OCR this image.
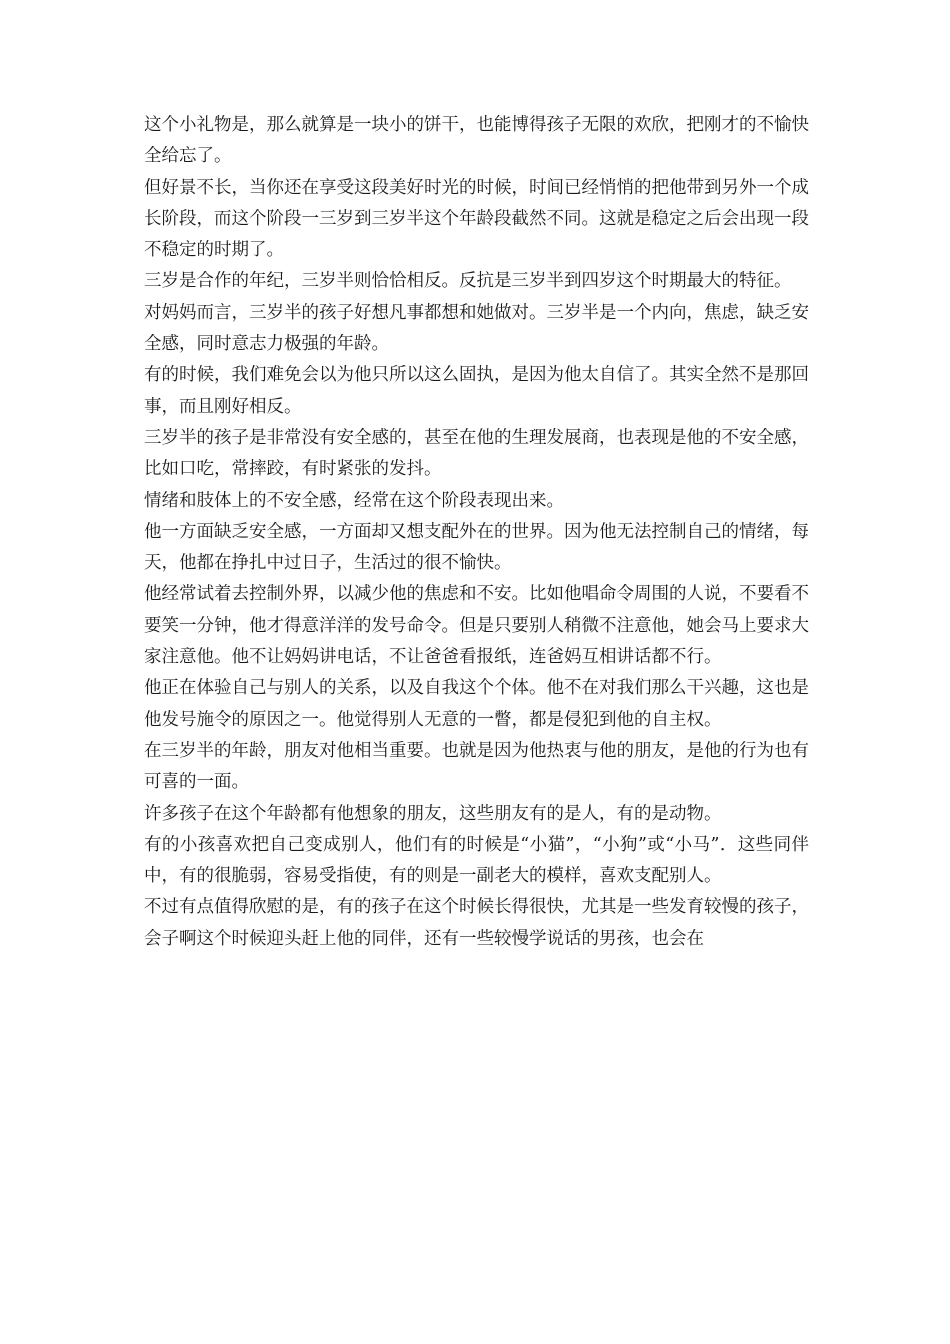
这个小礼物是，那么就算是一块小的饼干，也能博得孩子无限的欢欣，把刚才的不愉快全给忘了。

但好景不长，当你还在享受这段美好时光的时候，时间已经悄悄的把他带到另外一个成长阶段，而这个阶段一三岁到三岁半这个年龄段截然不同。这就是稳定之后会出现一段不稳定的时期了。

三岁是合作的年纪，三岁半则恰恰相反。反抗是三岁半到四岁这个时期最大的特征。

对妈妈而言，三岁半的孩子好想凡事都想和她做对。三岁半是一个内向，焦虑，缺乏安全感，同时意志力极强的年龄。

有的时候，我们难免会以为他只所以这么固执，是因为他太自信了。其实全然不是那回事，而且刚好相反。

三岁半的孩子是非常没有安全感的，甚至在他的生理发展商，也表现是他的不安全感，比如口吃，常摔跤，有时紧张的发抖。

情绪和肢体上的不安全感，经常在这个阶段表现出来。

他一方面缺乏安全感，一方面却又想支配外在的世界。因为他无法控制自己的情绪，每天，他都在挣扎中过日子，生活过的很不愉快。

他经常试着去控制外界，以减少他的焦虑和不安。比如他唱命令周围的人说，不要看不要笑一分钟，他才得意洋洋的发号命令。但是只要别人稍微不注意他，她会马上要求大家注意他。他不让妈妈讲电话，不让爸爸看报纸，连爸妈互相讲话都不行。

他正在体验自己与别人的关系，以及自我这个个体。他不在对我们那么干兴趣，这也是他发号施令的原因之一。他觉得别人无意的一瞥，都是侵犯到他的自主权。

在三岁半的年龄，朋友对他相当重要。也就是因为他热衷与他的朋友，是他的行为也有可喜的一面。

许多孩子在这个年龄都有他想象的朋友，这些朋友有的是人，有的是动物。

有的小孩喜欢把自己变成别人，他们有的时候是“小猫”，“小狗”或“小马”．这些同伴中，有的很脆弱，容易受指使，有的则是一副老大的模样，喜欢支配别人。

不过有点值得欣慰的是，有的孩子在这个时候长得很快，尤其是一些发育较慢的孩子，会子啊这个时候迎头赶上他的同伴，还有一些较慢学说话的男孩，也会在
